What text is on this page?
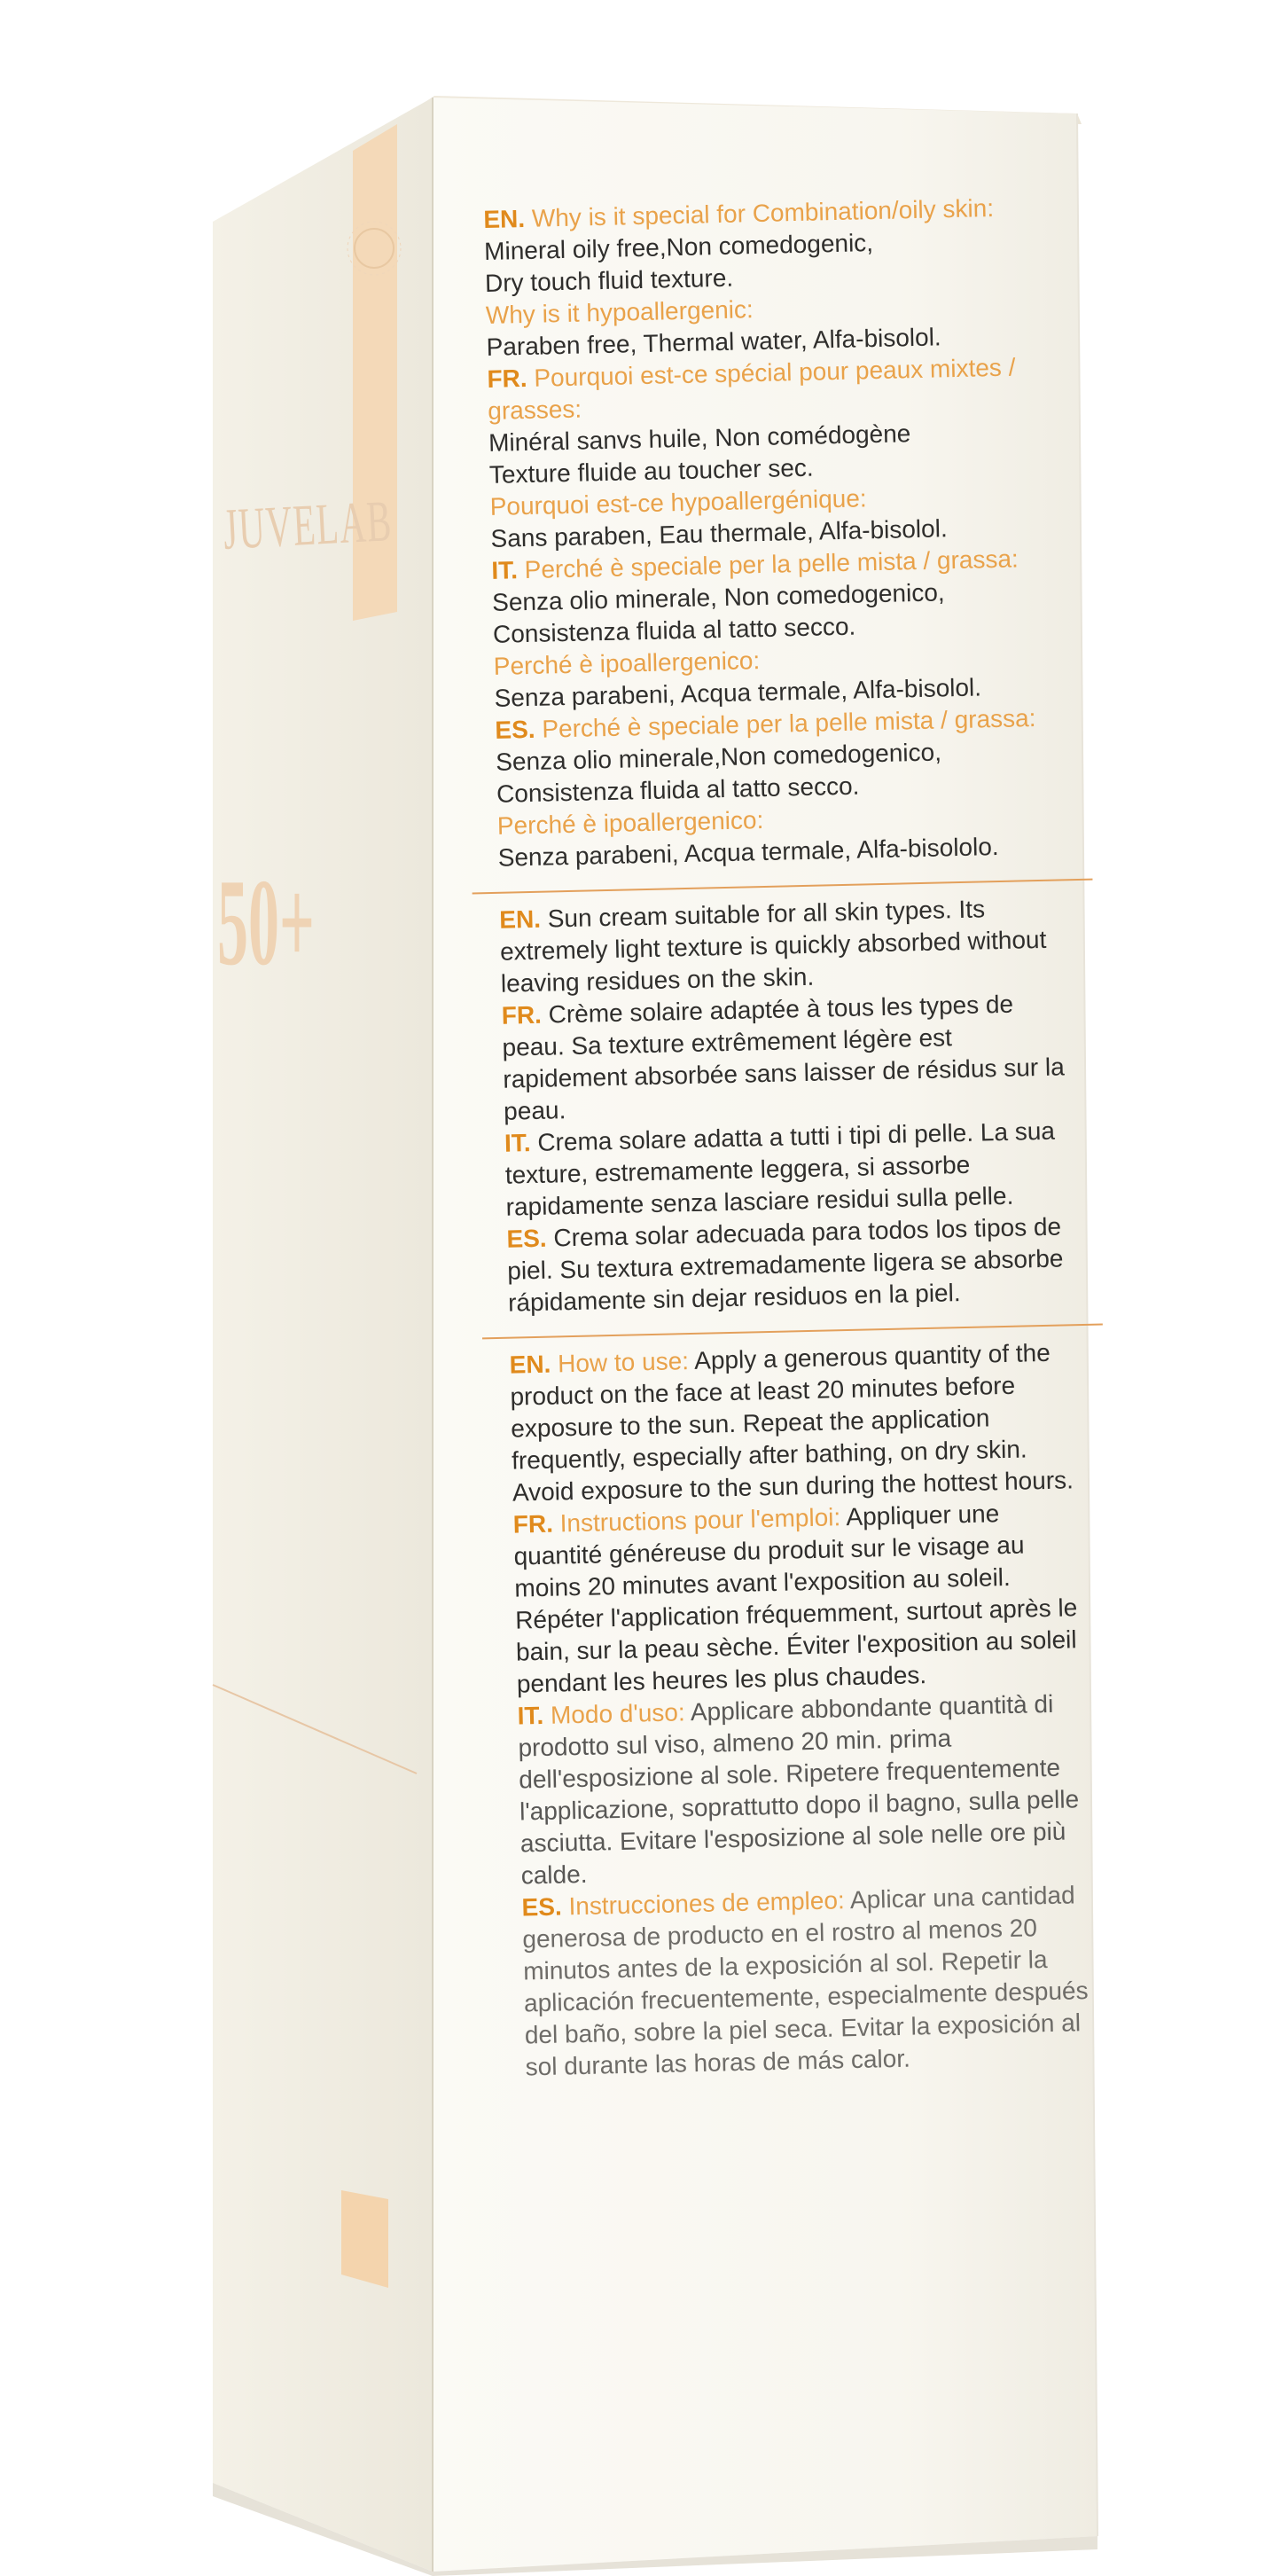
JUVELAB
50+
EN. Why is it special for Combination/oily skin:
Mineral oily free,Non comedogenic,
Dry touch fluid texture.
Why is it hypoallergenic:
Paraben free, Thermal water, Alfa-bisolol.
FR. Pourquoi est-ce spécial pour peaux mixtes /
grasses:
Minéral sanvs huile, Non comédogène
Texture fluide au toucher sec.
Pourquoi est-ce hypoallergénique:
Sans paraben, Eau thermale, Alfa-bisolol.
IT. Perché è speciale per la pelle mista / grassa:
Senza olio minerale, Non comedogenico,
Consistenza fluida al tatto secco.
Perché è ipoallergenico:
Senza parabeni, Acqua termale, Alfa-bisolol.
ES. Perché è speciale per la pelle mista / grassa:
Senza olio minerale,Non comedogenico,
Consistenza fluida al tatto secco.
Perché è ipoallergenico:
Senza parabeni, Acqua termale, Alfa-bisololo.

EN. Sun cream suitable for all skin types. Its extremely light texture is quickly absorbed without leaving residues on the skin.

FR. Crème solaire adaptée à tous les types de peau. Sa texture extrêmement légère est rapidement absorbée sans laisser de résidus sur la peau.

IT. Crema solare adatta a tutti i tipi di pelle. La sua texture, estremamente leggera, si assorbe rapidamente senza lasciare residui sulla pelle.

ES. Crema solar adecuada para todos los tipos de piel. Su textura extremadamente ligera se absorbe rápidamente sin dejar residuos en la piel.

EN. How to use: Apply a generous quantity of the product on the face at least 20 minutes before exposure to the sun. Repeat the application frequently, especially after bathing, on dry skin. Avoid exposure to the sun during the hottest hours.

FR. Instructions pour l'emploi: Appliquer une quantité généreuse du produit sur le visage au moins 20 minutes avant l'exposition au soleil. Répéter l'application fréquemment, surtout après le bain, sur la peau sèche. Éviter l'exposition au soleil pendant les heures les plus chaudes.

IT. Modo d'uso: Applicare abbondante quantità di prodotto sul viso, almeno 20 min. prima dell'esposizione al sole. Ripetere frequentemente l'applicazione, soprattutto dopo il bagno, sulla pelle asciutta. Evitare l'esposizione al sole nelle ore più calde.

ES. Instrucciones de empleo: Aplicar una cantidad generosa de producto en el rostro al menos 20 minutos antes de la exposición al sol. Repetir la aplicación frecuentemente, especialmente después del baño, sobre la piel seca. Evitar la exposición al sol durante las horas de más calor.
